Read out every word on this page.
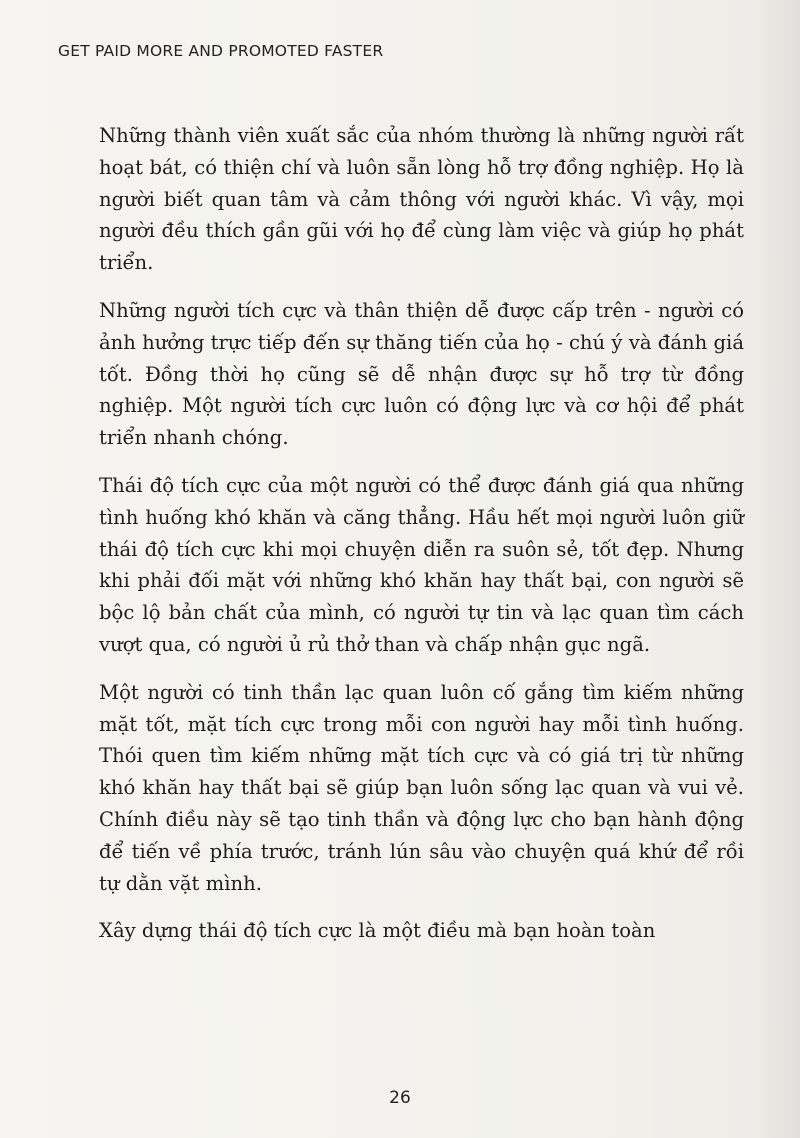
GET PAID MORE AND PROMOTED FASTER

Những thành viên xuất sắc của nhóm thường là những người rất hoạt bát, có thiện chí và luôn sẵn lòng hỗ trợ đồng nghiệp. Họ là người biết quan tâm và cảm thông với người khác. Vì vậy, mọi người đều thích gần gũi với họ để cùng làm việc và giúp họ phát triển.

Những người tích cực và thân thiện dễ được cấp trên - người có ảnh hưởng trực tiếp đến sự thăng tiến của họ - chú ý và đánh giá tốt. Đồng thời họ cũng sẽ dễ nhận được sự hỗ trợ từ đồng nghiệp. Một người tích cực luôn có động lực và cơ hội để phát triển nhanh chóng.

Thái độ tích cực của một người có thể được đánh giá qua những tình huống khó khăn và căng thẳng. Hầu hết mọi người luôn giữ thái độ tích cực khi mọi chuyện diễn ra suôn sẻ, tốt đẹp. Nhưng khi phải đối mặt với những khó khăn hay thất bại, con người sẽ bộc lộ bản chất của mình, có người tự tin và lạc quan tìm cách vượt qua, có người ủ rủ thở than và chấp nhận gục ngã.

Một người có tinh thần lạc quan luôn cố gắng tìm kiếm những mặt tốt, mặt tích cực trong mỗi con người hay mỗi tình huống. Thói quen tìm kiếm những mặt tích cực và có giá trị từ những khó khăn hay thất bại sẽ giúp bạn luôn sống lạc quan và vui vẻ. Chính điều này sẽ tạo tinh thần và động lực cho bạn hành động để tiến về phía trước, tránh lún sâu vào chuyện quá khứ để rồi tự dằn vặt mình.

Xây dựng thái độ tích cực là một điều mà bạn hoàn toàn

26
